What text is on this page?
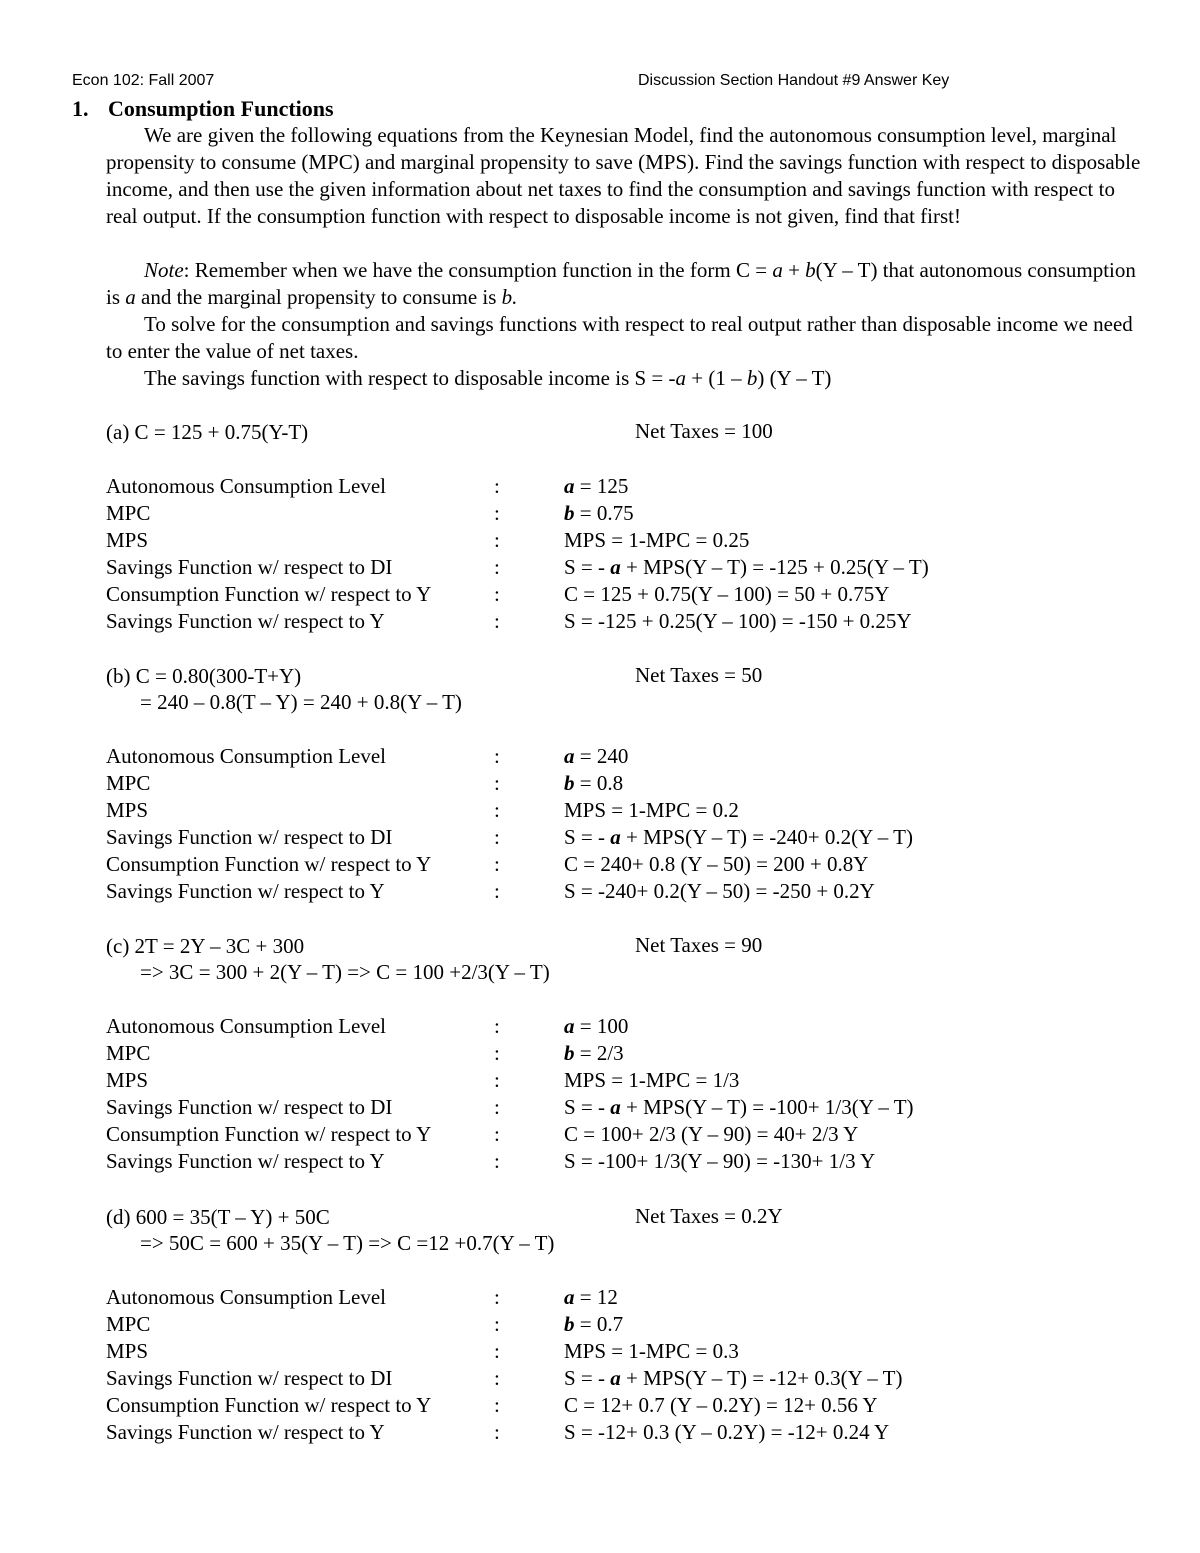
Econ 102: Fall 2007	Discussion Section Handout #9 Answer Key
1. Consumption Functions
We are given the following equations from the Keynesian Model, find the autonomous consumption level, marginal propensity to consume (MPC) and marginal propensity to save (MPS). Find the savings function with respect to disposable income, and then use the given information about net taxes to find the consumption and savings function with respect to real output. If the consumption function with respect to disposable income is not given, find that first!
Note: Remember when we have the consumption function in the form C = a + b(Y – T) that autonomous consumption is a and the marginal propensity to consume is b.
To solve for the consumption and savings functions with respect to real output rather than disposable income we need to enter the value of net taxes.
The savings function with respect to disposable income is S = -a + (1 – b) (Y – T)
(a) C = 125 + 0.75(Y-T)	Net Taxes = 100
Autonomous Consumption Level	:	a = 125
MPC	:	b = 0.75
MPS	:	MPS = 1-MPC = 0.25
Savings Function w/ respect to DI	:	S = - a + MPS(Y – T) = -125 + 0.25(Y – T)
Consumption Function w/ respect to Y	:	C = 125 + 0.75(Y – 100) = 50 + 0.75Y
Savings Function w/ respect to Y	:	S = -125 + 0.25(Y – 100) = -150 + 0.25Y
(b) C = 0.80(300-T+Y)	Net Taxes = 50
= 240 – 0.8(T – Y) = 240 + 0.8(Y – T)
Autonomous Consumption Level	:	a = 240
MPC	:	b = 0.8
MPS	:	MPS = 1-MPC = 0.2
Savings Function w/ respect to DI	:	S = - a + MPS(Y – T) = -240+ 0.2(Y – T)
Consumption Function w/ respect to Y	:	C = 240+ 0.8 (Y – 50) = 200 + 0.8Y
Savings Function w/ respect to Y	:	S = -240+ 0.2(Y – 50) = -250 + 0.2Y
(c) 2T = 2Y – 3C + 300	Net Taxes = 90
=> 3C = 300 + 2(Y – T) => C = 100 +2/3(Y – T)
Autonomous Consumption Level	:	a = 100
MPC	:	b = 2/3
MPS	:	MPS = 1-MPC = 1/3
Savings Function w/ respect to DI	:	S = - a + MPS(Y – T) = -100+ 1/3(Y – T)
Consumption Function w/ respect to Y	:	C = 100+ 2/3 (Y – 90) = 40+ 2/3 Y
Savings Function w/ respect to Y	:	S = -100+ 1/3(Y – 90) = -130+ 1/3 Y
(d) 600 = 35(T – Y) + 50C	Net Taxes = 0.2Y
=> 50C = 600 + 35(Y – T) => C =12 +0.7(Y – T)
Autonomous Consumption Level	:	a = 12
MPC	:	b = 0.7
MPS	:	MPS = 1-MPC = 0.3
Savings Function w/ respect to DI	:	S = - a + MPS(Y – T) = -12+ 0.3(Y – T)
Consumption Function w/ respect to Y	:	C = 12+ 0.7 (Y – 0.2Y) = 12+ 0.56 Y
Savings Function w/ respect to Y	:	S = -12+ 0.3 (Y – 0.2Y) = -12+ 0.24 Y
